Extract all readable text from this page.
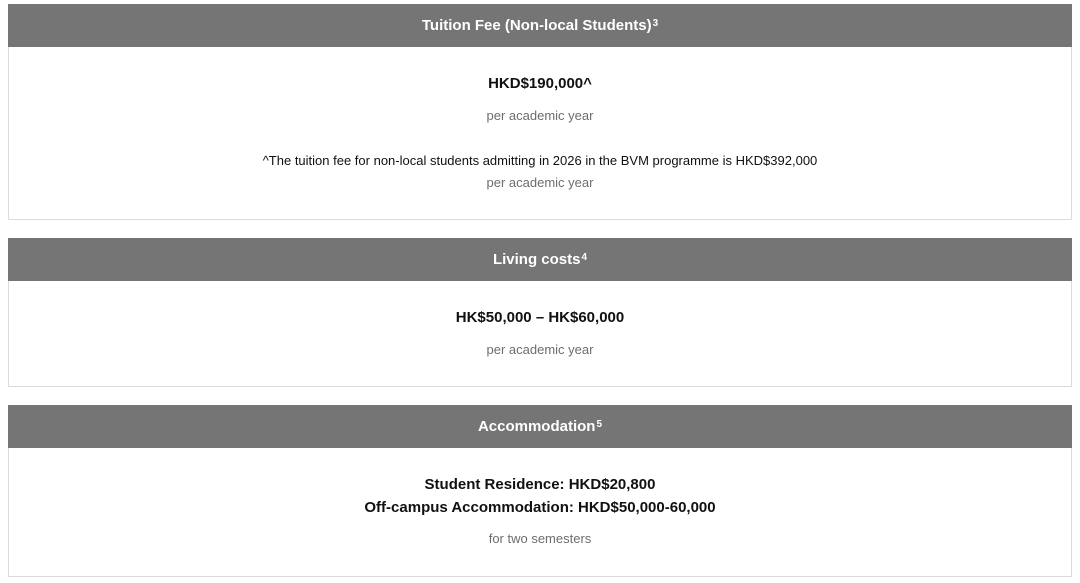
Tuition Fee (Non-local Students)$^3$
HKD$190,000^
per academic year
^The tuition fee for non-local students admitting in 2026 in the BVM programme is HKD$392,000
per academic year
Living costs$^4$
HK$50,000 – HK$60,000
per academic year
Accommodation$^5$
Student Residence: HKD$20,800
Off-campus Accommodation: HKD$50,000-60,000
for two semesters
